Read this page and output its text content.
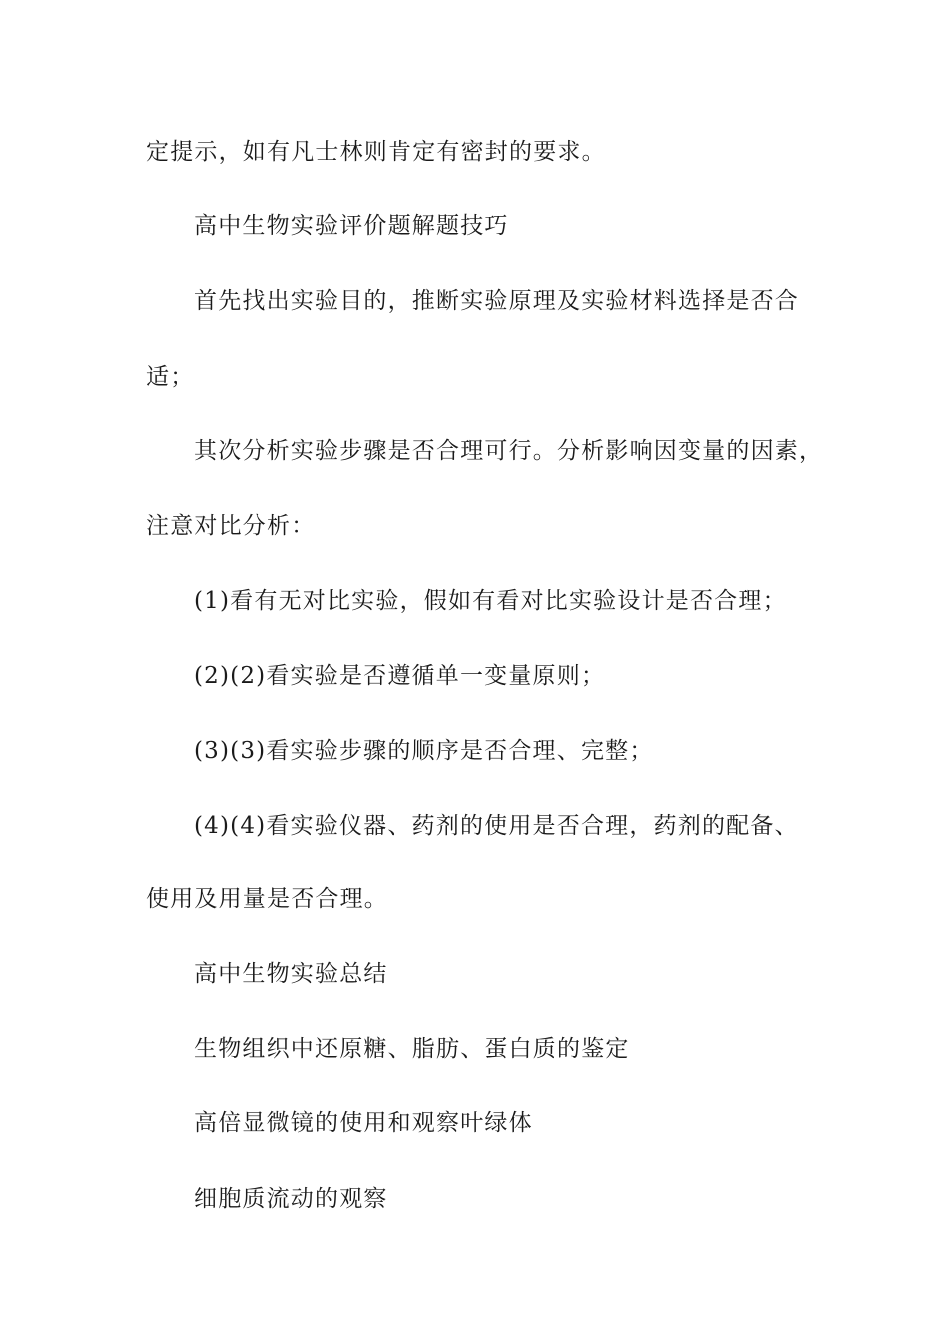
定提示，如有凡士林则肯定有密封的要求。
高中生物实验评价题解题技巧
首先找出实验目的，推断实验原理及实验材料选择是否合
适；
其次分析实验步骤是否合理可行。分析影响因变量的因素，
注意对比分析：
(1)看有无对比实验，假如有看对比实验设计是否合理；
(2)(2)看实验是否遵循单一变量原则；
(3)(3)看实验步骤的顺序是否合理、完整；
(4)(4)看实验仪器、药剂的使用是否合理，药剂的配备、
使用及用量是否合理。
高中生物实验总结
生物组织中还原糖、脂肪、蛋白质的鉴定
高倍显微镜的使用和观察叶绿体
细胞质流动的观察
